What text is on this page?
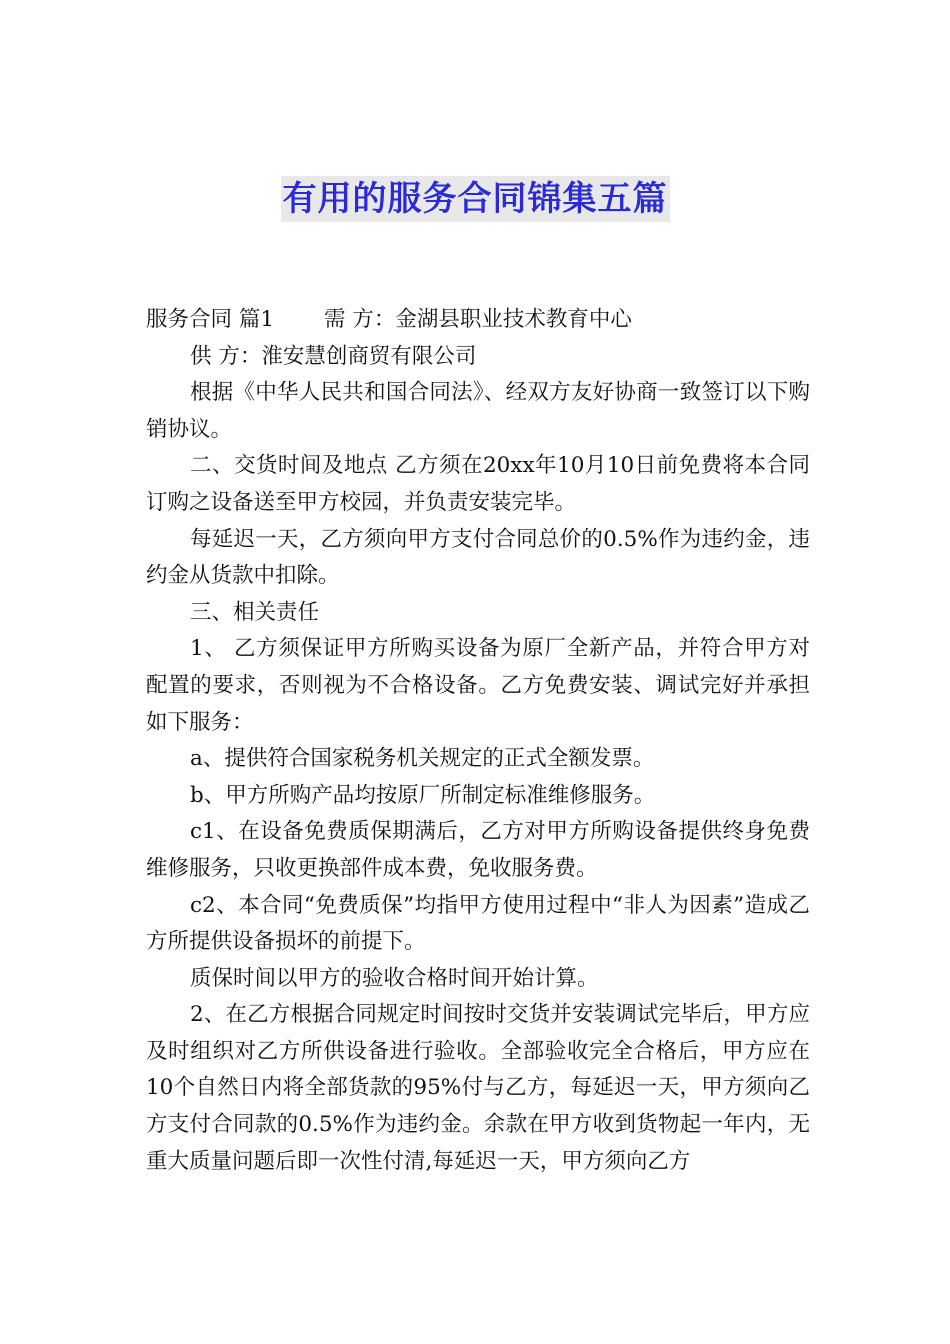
有用的服务合同锦集五篇

服务合同 篇1 需 方：金湖县职业技术教育中心

供 方：淮安慧创商贸有限公司

根据《中华人民共和国合同法》、经双方友好协商一致签订以下购销协议。

二、交货时间及地点 乙方须在20xx年10月10日前免费将本合同订购之设备送至甲方校园，并负责安装完毕。

每延迟一天，乙方须向甲方支付合同总价的0.5%作为违约金，违约金从货款中扣除。

三、相关责任

1、 乙方须保证甲方所购买设备为原厂全新产品，并符合甲方对配置的要求，否则视为不合格设备。乙方免费安装、调试完好并承担如下服务：

a、提供符合国家税务机关规定的正式全额发票。

b、甲方所购产品均按原厂所制定标准维修服务。

c1、在设备免费质保期满后，乙方对甲方所购设备提供终身免费维修服务，只收更换部件成本费，免收服务费。

c2、本合同“免费质保”均指甲方使用过程中“非人为因素”造成乙方所提供设备损坏的前提下。

质保时间以甲方的验收合格时间开始计算。

2、在乙方根据合同规定时间按时交货并安装调试完毕后，甲方应及时组织对乙方所供设备进行验收。全部验收完全合格后，甲方应在10个自然日内将全部货款的95%付与乙方，每延迟一天，甲方须向乙方支付合同款的0.5%作为违约金。余款在甲方收到货物起一年内，无重大质量问题后即一次性付清,每延迟一天，甲方须向乙方
